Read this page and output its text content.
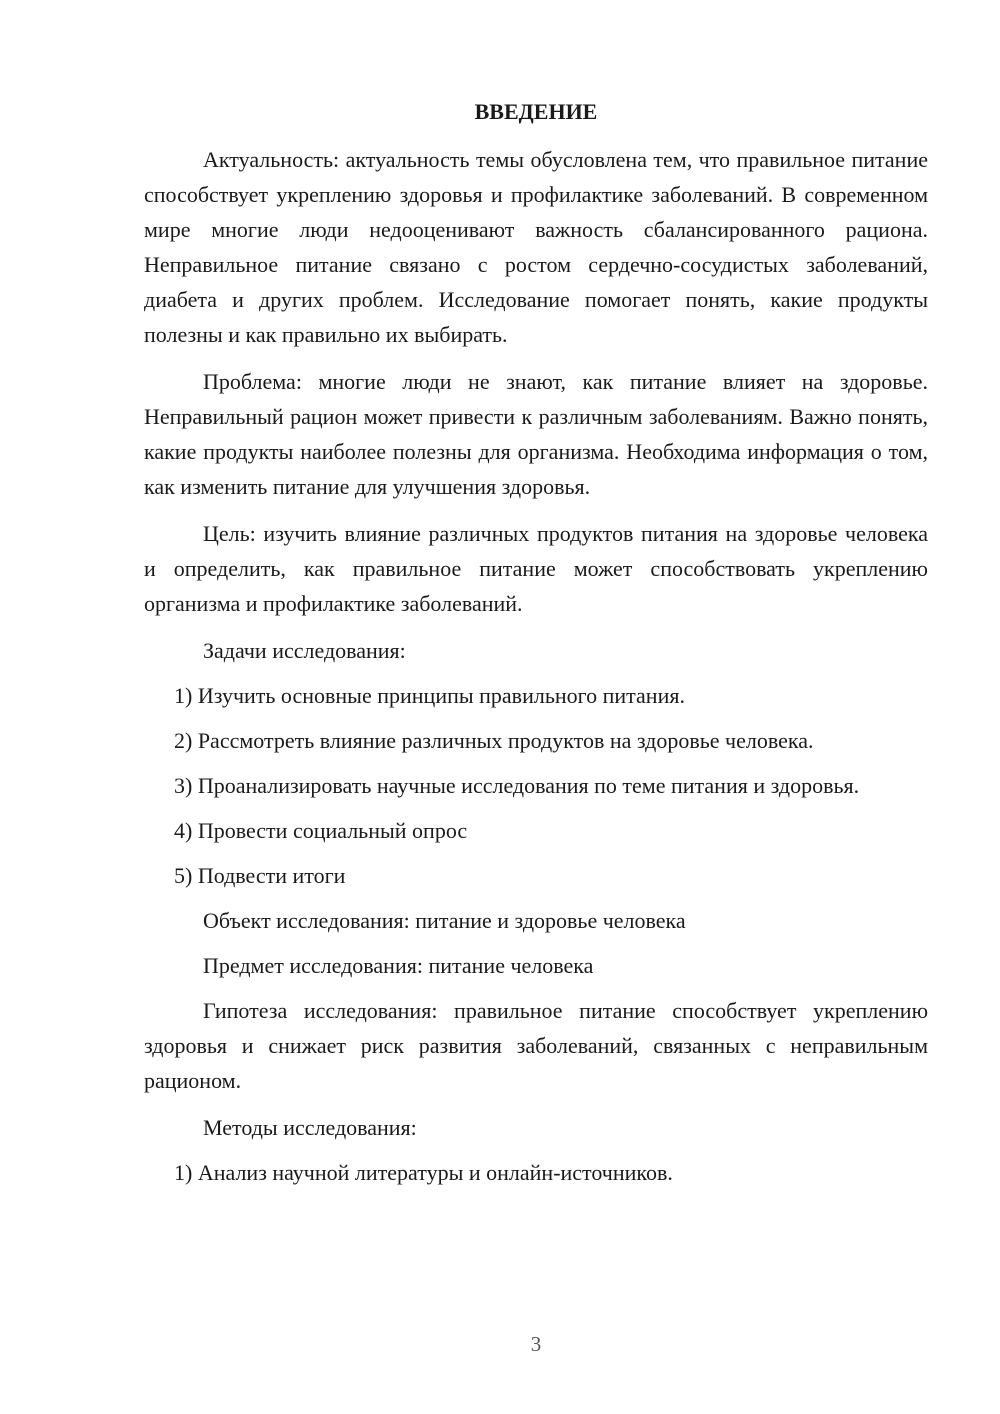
ВВЕДЕНИЕ

Актуальность: актуальность темы обусловлена тем, что правильное питание способствует укреплению здоровья и профилактике заболеваний. В современном мире многие люди недооценивают важность сбалансированного рациона. Неправильное питание связано с ростом сердечно-сосудистых заболеваний, диабета и других проблем. Исследование помогает понять, какие продукты полезны и как правильно их выбирать.

Проблема: многие люди не знают, как питание влияет на здоровье. Неправильный рацион может привести к различным заболеваниям. Важно понять, какие продукты наиболее полезны для организма. Необходима информация о том, как изменить питание для улучшения здоровья.

Цель: изучить влияние различных продуктов питания на здоровье человека и определить, как правильное питание может способствовать укреплению организма и профилактике заболеваний.

Задачи исследования:

1) Изучить основные принципы правильного питания.

2) Рассмотреть влияние различных продуктов на здоровье человека.

3) Проанализировать научные исследования по теме питания и здоровья.

4) Провести социальный опрос

5) Подвести итоги

Объект исследования: питание и здоровье человека

Предмет исследования: питание человека

Гипотеза исследования: правильное питание способствует укреплению здоровья и снижает риск развития заболеваний, связанных с неправильным рационом.

Методы исследования:

1) Анализ научной литературы и онлайн-источников.

3
